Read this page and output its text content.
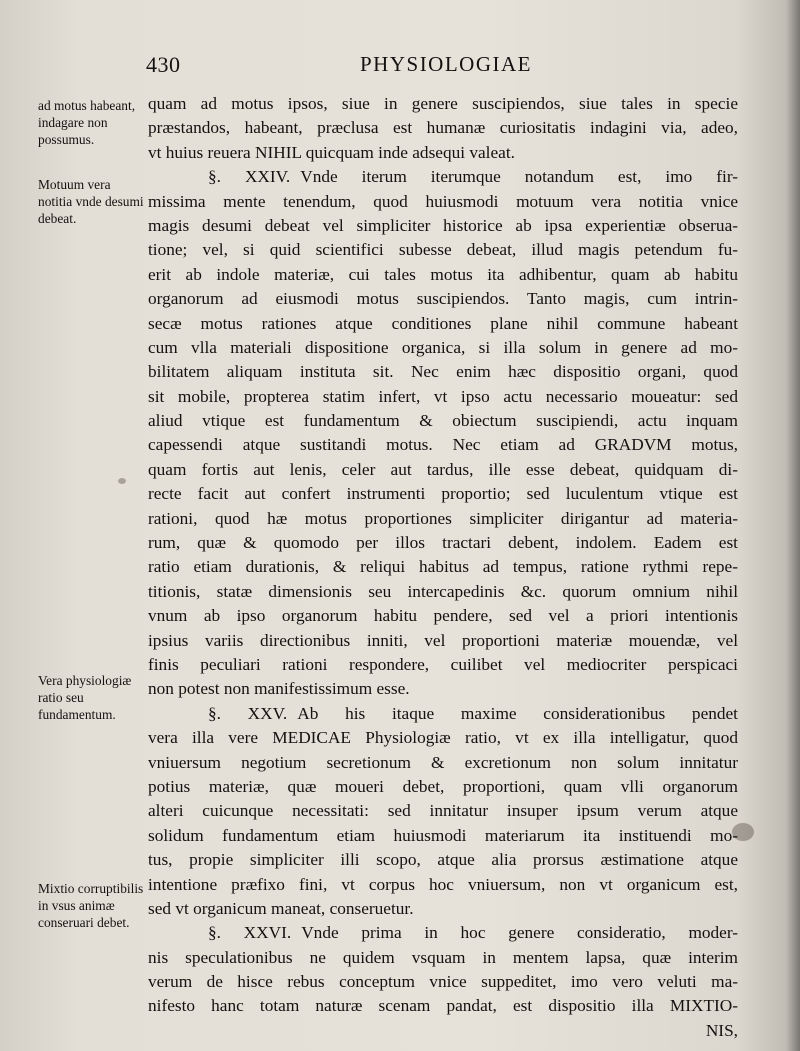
430	PHYSIOLOGIAE

ad motus habeant, indagare non possumus.

Motuum vera notitia vnde desumi debeat.

Vera physiologiæ ratio seu fundamentum.

Mixtio corruptibilis in vsus animæ conseruari debet.

quam ad motus ipsos, siue in genere suscipiendos, siue tales in specie
præstandos, habeant, præclusa est humanæ curiositatis indagini via, adeo,
vt huius reuera NIHIL quicquam inde adsequi valeat.
§. XXIV. Vnde iterum iterumque notandum est, imo fir-
missima mente tenendum, quod huiusmodi motuum vera notitia vnice
magis desumi debeat vel simpliciter historice ab ipsa experientiæ obserua-
tione; vel, si quid scientifici subesse debeat, illud magis petendum fu-
erit ab indole materiæ, cui tales motus ita adhibentur, quam ab habitu
organorum ad eiusmodi motus suscipiendos. Tanto magis, cum intrin-
secæ motus rationes atque conditiones plane nihil commune habeant
cum vlla materiali dispositione organica, si illa solum in genere ad mo-
bilitatem aliquam instituta sit. Nec enim hæc dispositio organi, quod
sit mobile, propterea statim infert, vt ipso actu necessario moueatur: sed
aliud vtique est fundamentum & obiectum suscipiendi, actu inquam
capessendi atque sustitandi motus. Nec etiam ad GRADVM motus,
quam fortis aut lenis, celer aut tardus, ille esse debeat, quidquam di-
recte facit aut confert instrumenti proportio; sed luculentum vtique est
rationi, quod hæ motus proportiones simpliciter dirigantur ad materia-
rum, quæ & quomodo per illos tractari debent, indolem. Eadem est
ratio etiam durationis, & reliqui habitus ad tempus, ratione rythmi repe-
titionis, statæ dimensionis seu intercapedinis &c. quorum omnium nihil
vnum ab ipso organorum habitu pendere, sed vel a priori intentionis
ipsius variis directionibus inniti, vel proportioni materiæ mouendæ, vel
finis peculiari rationi respondere, cuilibet vel mediocriter perspicaci
non potest non manifestissimum esse.
§. XXV. Ab his itaque maxime considerationibus pendet
vera illa vere MEDICAE Physiologiæ ratio, vt ex illa intelligatur, quod
vniuersum negotium secretionum & excretionum non solum innitatur
potius materiæ, quæ moueri debet, proportioni, quam vlli organorum
alteri cuicunque necessitati: sed innitatur insuper ipsum verum atque
solidum fundamentum etiam huiusmodi materiarum ita instituendi mo-
tus, propie simpliciter illi scopo, atque alia prorsus æstimatione atque
intentione præfixo fini, vt corpus hoc vniuersum, non vt organicum est,
sed vt organicum maneat, conseruetur.
§. XXVI. Vnde prima in hoc genere consideratio, moder-
nis speculationibus ne quidem vsquam in mentem lapsa, quæ interim
verum de hisce rebus conceptum vnice suppeditet, imo vero veluti ma-
nifesto hanc totam naturæ scenam pandat, est dispositio illa MIXTIO-
NIS,
